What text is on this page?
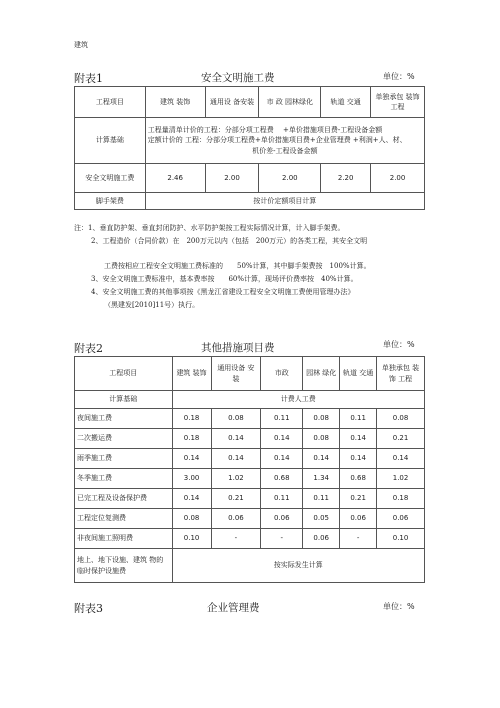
建筑
附表1	安全文明施工费	单位：%
工程项目	建筑 装饰	通用设 备安装	市 政 园林绿化	轨道 交通	单独承包 装饰工程
计算基础	工程量清单计价的工程：分部分项工程费　 +单价措施项目费-工程设备金额
定额计价的 工程：分部分项工程费+单价措施项目费+企业管理费 +利润+人、材、
机价差-工程设备金额				

安全文明施工费	2.46	2.00	2.00	2.20	2.00
脚手架费	按计价定额项目计算				
注：1、垂直防护架、垂直封闭防护、水平防护架按工程实际情况计算，计入脚手架费。
2、工程造价（合同价款）在　200万元以内（包括　200万元）的各类工程，其安全文明
工费按相应工程安全文明施工费标准的　　50%计算，其中脚手架费按　100%计算。
3、安全文明施工费标准中，基本费率按　　60%计算，现场评价费率按　40%计算。
4、安全文明施工费的其他事项按《黑龙江省建设工程安全文明施工费使用管理办法》
（黑建发[2010]11号）执行。
附表2	其他措施项目费	单位：%
工程项目	建筑 装饰	通用设备 安 装	市政	园林 绿化	轨道 交通	单独承包 装饰 工程
计算基础	计费人工费					
夜间施工费	0.18	0.08	0.11	0.08	0.11	0.08
二次搬运费	0.18	0.14	0.14	0.08	0.14	0.21
雨季施工费	0.14	0.14	0.14	0.14	0.14	0.14
冬季施工费	3.00	1.02	0.68	1.34	0.68	1.02
已完工程及设备保护费	0.14	0.21	0.11	0.11	0.21	0.18
工程定位复测费	0.08	0.06	0.06	0.05	0.06	0.06
非夜间施工照明费	0.10	-	-	0.06	-	0.10
地上、地下设施、建筑 物的临时保护设施费	按实际发生计算					
附表3	企业管理费	单位：%
